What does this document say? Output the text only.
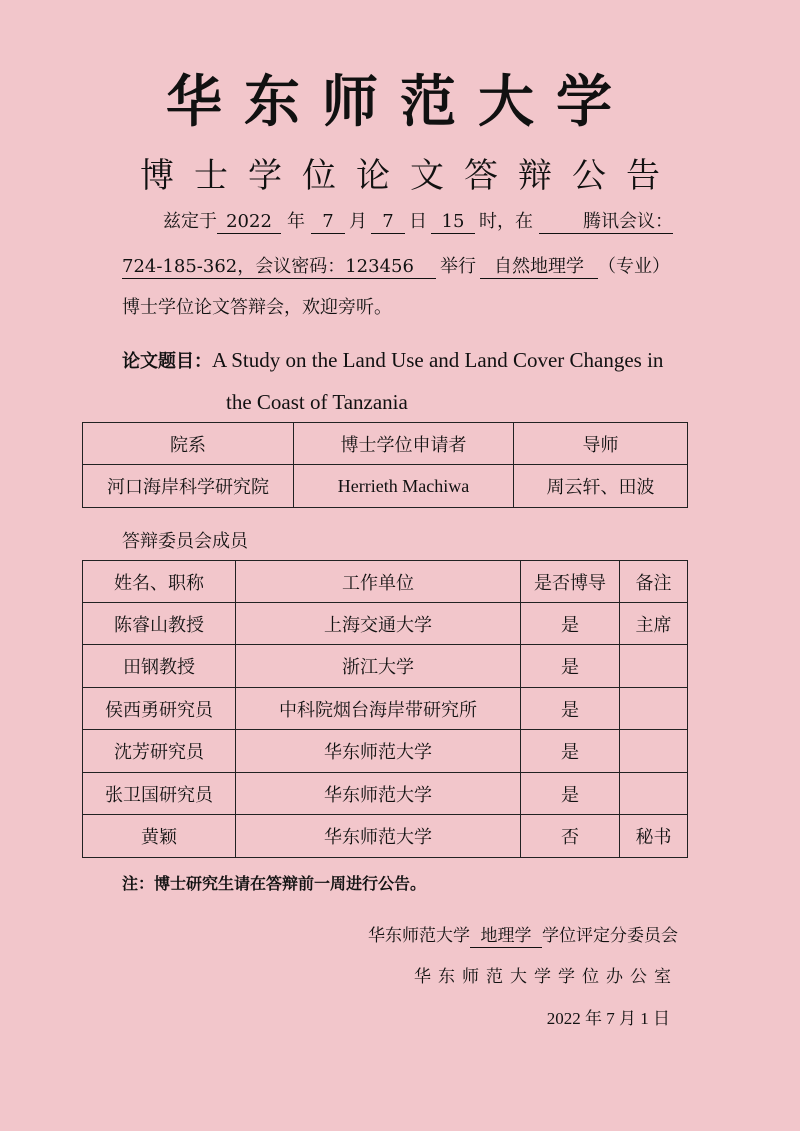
华东师范大学
博士学位论文答辩公告
兹定于 2022 年 7 月 7 日 15 时，在	腾讯会议：
724-185-362，会议密码：123456 举行 自然地理学 （专业）
博士学位论文答辩会，欢迎旁听。
论文题目：A Study on the Land Use and Land Cover Changes in
the Coast of Tanzania
院系	博士学位申请者	导师
河口海岸科学研究院	Herrieth Machiwa	周云轩、田波
答辩委员会成员
姓名、职称	工作单位	是否博导	备注
陈睿山教授	上海交通大学	是	主席
田钢教授	浙江大学	是	
侯西勇研究员	中科院烟台海岸带研究所	是	
沈芳研究员	华东师范大学	是	
张卫国研究员	华东师范大学	是	
黄颖	华东师范大学	否	秘书
注：博士研究生请在答辩前一周进行公告。
华东师范大学 地理学 学位评定分委员会
华东师范大学学位办公室
2022 年 7 月 1 日
